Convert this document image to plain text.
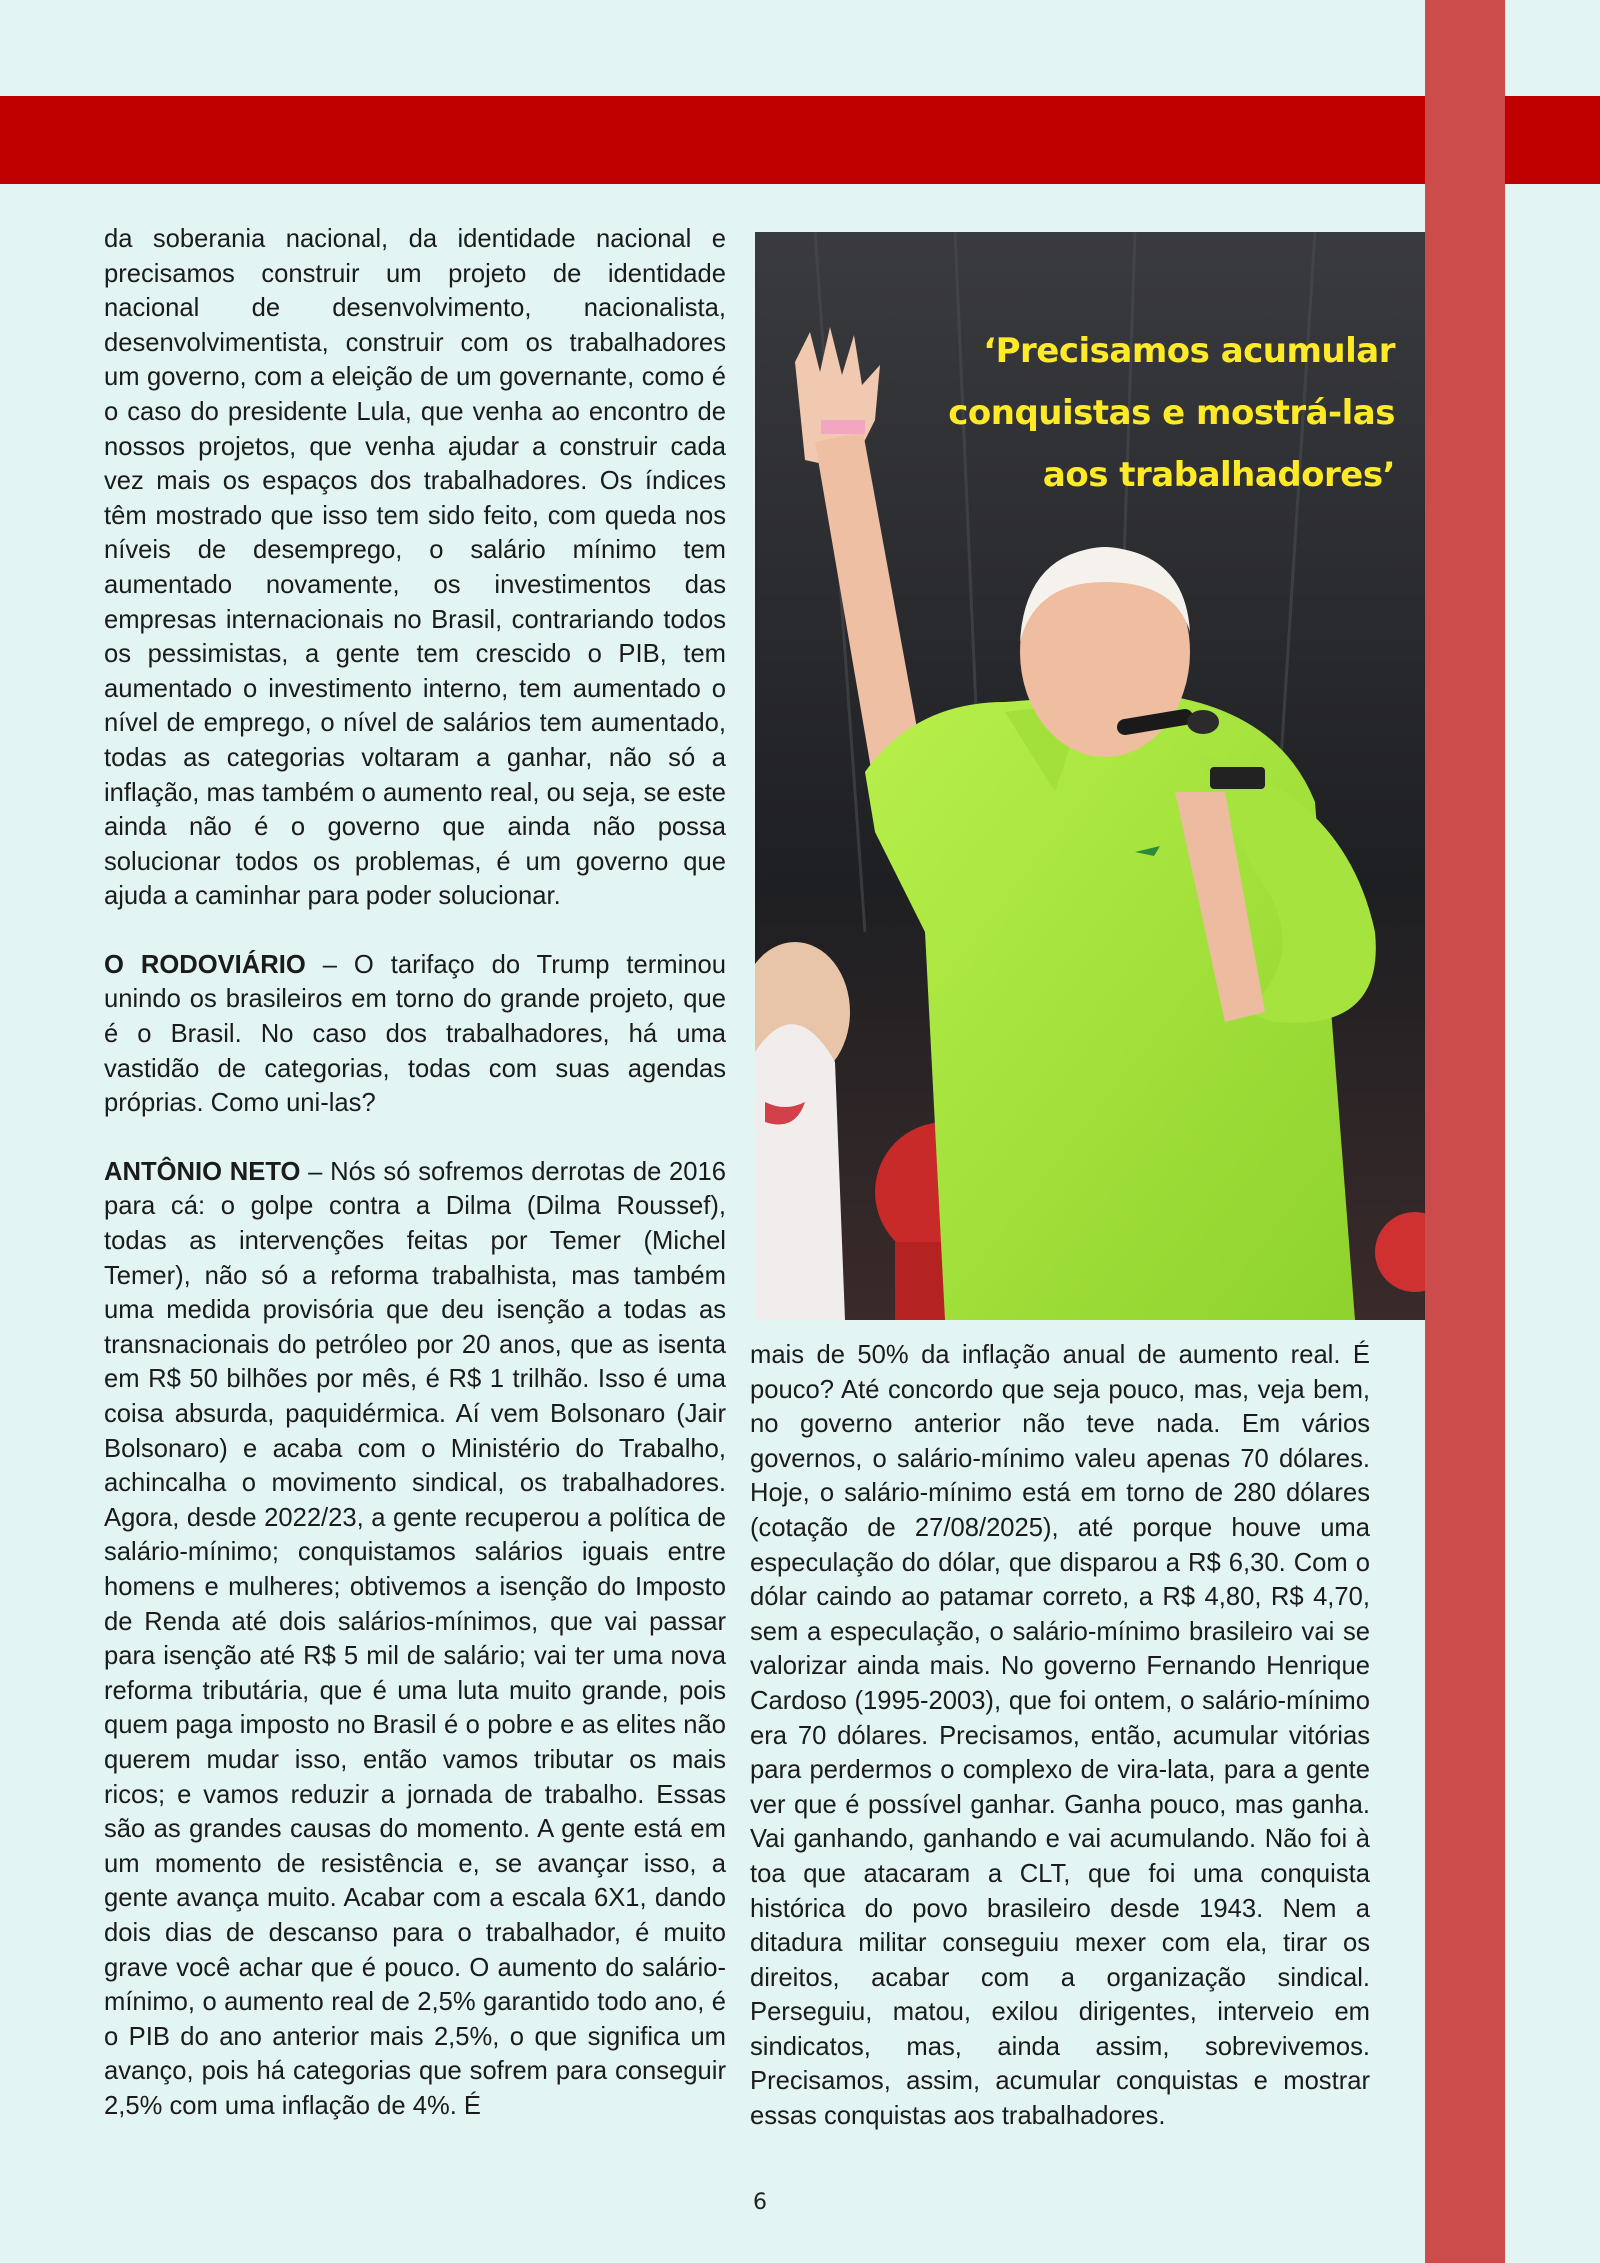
da soberania nacional, da identidade nacional e precisamos construir um projeto de identidade nacional de desenvolvimento, nacionalista, desenvolvimentista, construir com os trabalhadores um governo, com a eleição de um governante, como é o caso do presidente Lula, que venha ao encontro de nossos projetos, que venha ajudar a construir cada vez mais os espaços dos trabalhadores. Os índices têm mostrado que isso tem sido feito, com queda nos níveis de desemprego, o salário mínimo tem aumentado novamente, os investimentos das empresas internacionais no Brasil, contrariando todos os pessimistas, a gente tem crescido o PIB, tem aumentado o investimento interno, tem aumentado o nível de emprego, o nível de salários tem aumentado, todas as categorias voltaram a ganhar, não só a inflação, mas também o aumento real, ou seja, se este ainda não é o governo que ainda não possa solucionar todos os problemas, é um governo que ajuda a caminhar para poder solucionar.

O RODOVIÁRIO – O tarifaço do Trump terminou unindo os brasileiros em torno do grande projeto, que é o Brasil. No caso dos trabalhadores, há uma vastidão de categorias, todas com suas agendas próprias. Como uni-las?

ANTÔNIO NETO – Nós só sofremos derrotas de 2016 para cá: o golpe contra a Dilma (Dilma Roussef), todas as intervenções feitas por Temer (Michel Temer), não só a reforma trabalhista, mas também uma medida provisória que deu isenção a todas as transnacionais do petróleo por 20 anos, que as isenta em R$ 50 bilhões por mês, é R$ 1 trilhão. Isso é uma coisa absurda, paquidérmica. Aí vem Bolsonaro (Jair Bolsonaro) e acaba com o Ministério do Trabalho, achincalha o movimento sindical, os trabalhadores. Agora, desde 2022/23, a gente recuperou a política de salário-mínimo; conquistamos salários iguais entre homens e mulheres; obtivemos a isenção do Imposto de Renda até dois salários-mínimos, que vai passar para isenção até R$ 5 mil de salário; vai ter uma nova reforma tributária, que é uma luta muito grande, pois quem paga imposto no Brasil é o pobre e as elites não querem mudar isso, então vamos tributar os mais ricos; e vamos reduzir a jornada de trabalho. Essas são as grandes causas do momento. A gente está em um momento de resistência e, se avançar isso, a gente avança muito. Acabar com a escala 6X1, dando dois dias de descanso para o trabalhador, é muito grave você achar que é pouco. O aumento do salário-mínimo, o aumento real de 2,5% garantido todo ano, é o PIB do ano anterior mais 2,5%, o que significa um avanço, pois há categorias que sofrem para conseguir 2,5% com uma inflação de 4%. É

‘Precisamos acumular
conquistas e mostrá-las
aos trabalhadores’

mais de 50% da inflação anual de aumento real. É pouco? Até concordo que seja pouco, mas, veja bem, no governo anterior não teve nada. Em vários governos, o salário-mínimo valeu apenas 70 dólares. Hoje, o salário-mínimo está em torno de 280 dólares (cotação de 27/08/2025), até porque houve uma especulação do dólar, que disparou a R$ 6,30. Com o dólar caindo ao patamar correto, a R$ 4,80, R$ 4,70, sem a especulação, o salário-mínimo brasileiro vai se valorizar ainda mais. No governo Fernando Henrique Cardoso (1995-2003), que foi ontem, o salário-mínimo era 70 dólares. Precisamos, então, acumular vitórias para perdermos o complexo de vira-lata, para a gente ver que é possível ganhar. Ganha pouco, mas ganha. Vai ganhando, ganhando e vai acumulando. Não foi à toa que atacaram a CLT, que foi uma conquista histórica do povo brasileiro desde 1943. Nem a ditadura militar conseguiu mexer com ela, tirar os direitos, acabar com a organização sindical. Perseguiu, matou, exilou dirigentes, interveio em sindicatos, mas, ainda assim, sobrevivemos. Precisamos, assim, acumular conquistas e mostrar essas conquistas aos trabalhadores.

6
